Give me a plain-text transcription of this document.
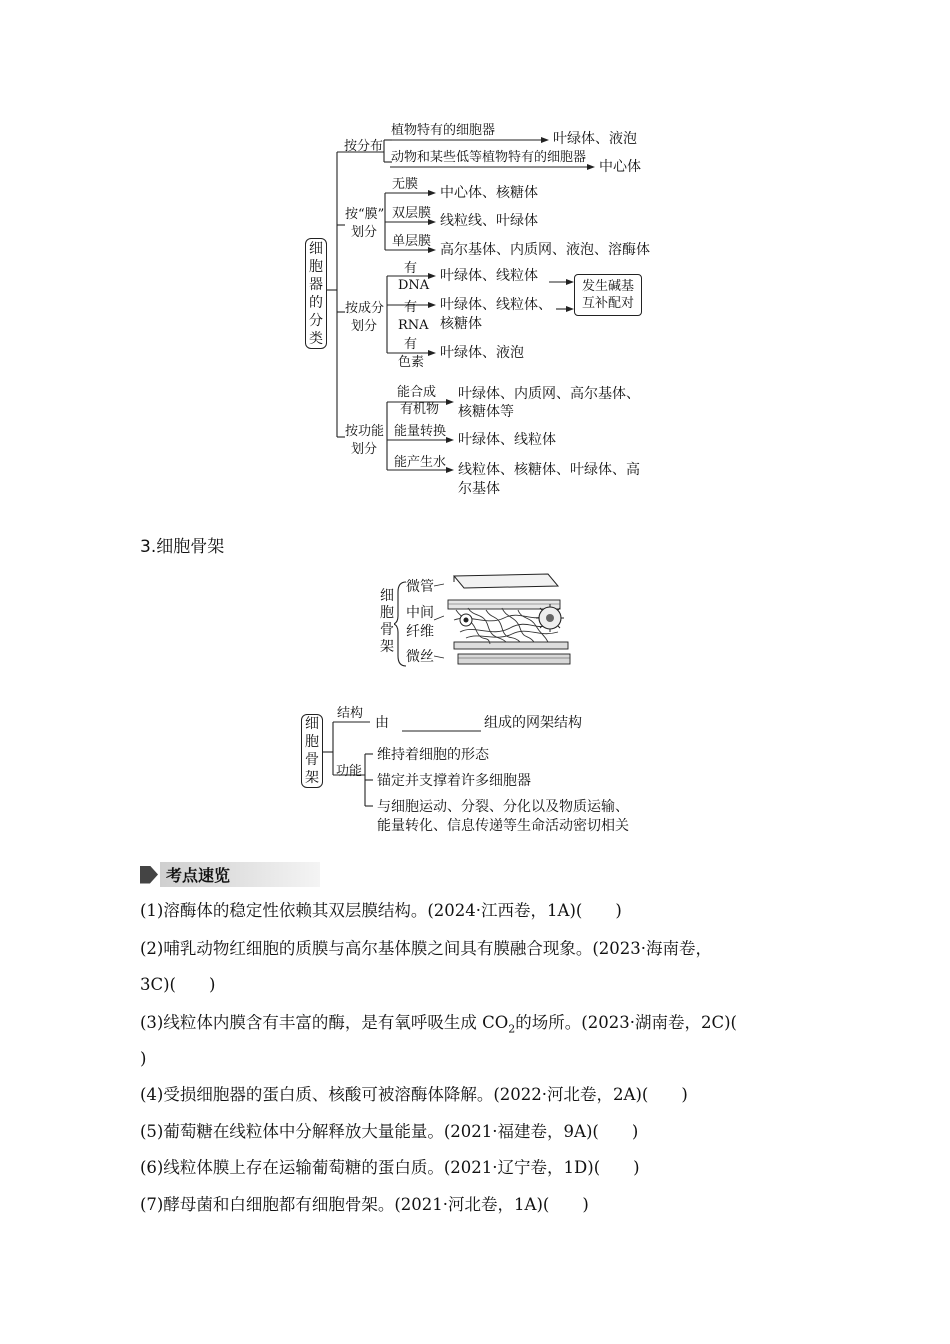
细
胞
器
的
分
类
按分布
植物特有的细胞器
叶绿体、液泡
动物和某些低等植物特有的细胞器
中心体
按“膜”
划分
无膜
中心体、核糖体
双层膜 线粒线、叶绿体
单层膜
高尔基体、内质网、液泡、溶酶体
按成分
划分
有
DNA
叶绿体、线粒体
有
RNA
叶绿体、线粒体、
核糖体
有
色素
叶绿体、液泡
发生碱基
互补配对
按功能
划分
能合成
有机物
叶绿体、内质网、高尔基体、
核糖体等
能量转换
叶绿体、线粒体
能产生水 线粒体、核糖体、叶绿体、高
尔基体
3.细胞骨架
细
胞
骨
架
微管
中间
纤维
微丝
细
胞
骨
架
结构
由	组成的网架结构
功能
维持着细胞的形态
锚定并支撑着许多细胞器
与细胞运动、分裂、分化以及物质运输、
能量转化、信息传递等生命活动密切相关
考点速览
(1)溶酶体的稳定性依赖其双层膜结构。(2024·江西卷，1A)(　　)
(2)哺乳动物红细胞的质膜与高尔基体膜之间具有膜融合现象。(2023·海南卷，
3C)(　　)
(3)线粒体内膜含有丰富的酶，是有氧呼吸生成 $CO_2$的场所。(2023·湖南卷，2C)(
)
(4)受损细胞器的蛋白质、核酸可被溶酶体降解。(2022·河北卷，2A)(　　)
(5)葡萄糖在线粒体中分解释放大量能量。(2021·福建卷，9A)(　　)
(6)线粒体膜上存在运输葡萄糖的蛋白质。(2021·辽宁卷，1D)(　　)
(7)酵母菌和白细胞都有细胞骨架。(2021·河北卷，1A)(　　)
